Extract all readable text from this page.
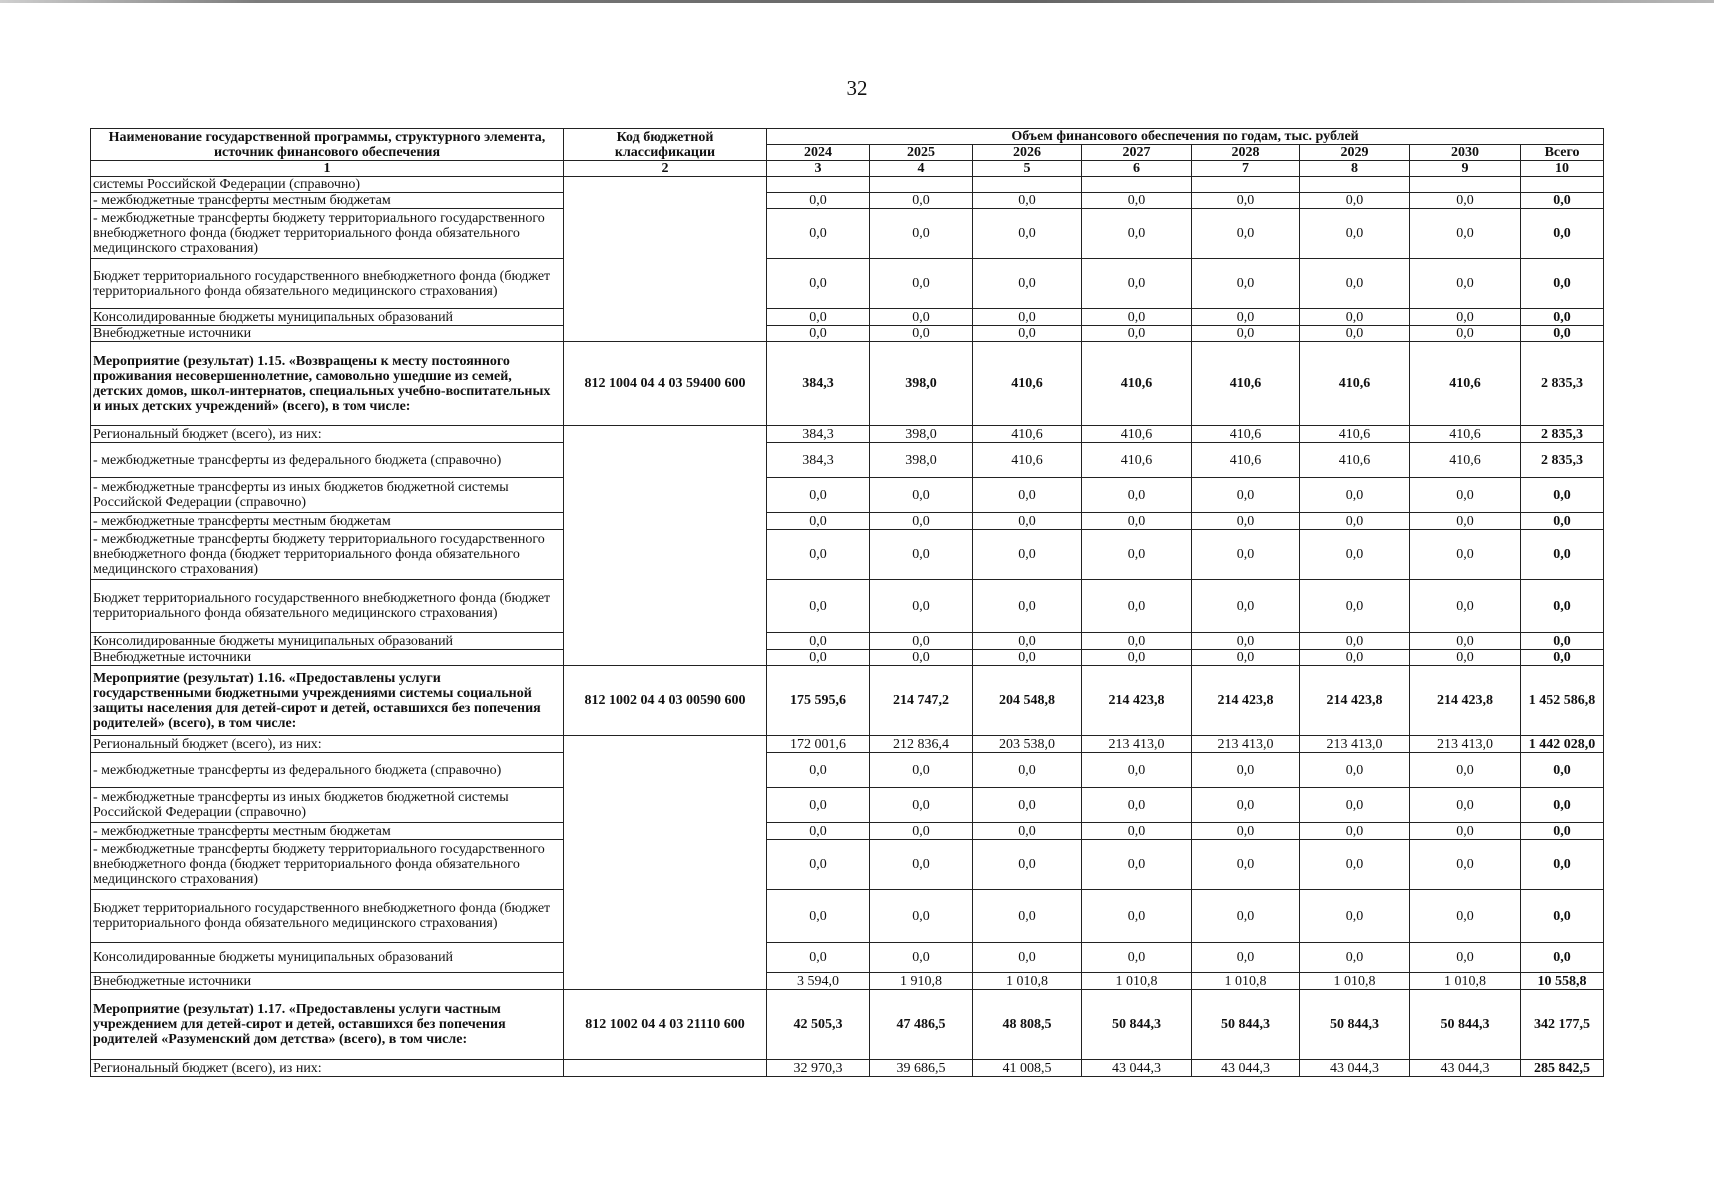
32
Наименование государственной программы, структурного элемента, источник финансового обеспечения	Код бюджетной классификации	Объем финансового обеспечения по годам, тыс. рублей							
		2024	2025	2026	2027	2028	2029	2030	Всего
1	2	3	4	5	6	7	8	9	10
системы Российской Федерации (справочно)									
- межбюджетные трансферты местным бюджетам		0,0	0,0	0,0	0,0	0,0	0,0	0,0	0,0
- межбюджетные трансферты бюджету территориального государственного внебюджетного фонда (бюджет территориального фонда обязательного медицинского страхования)		0,0	0,0	0,0	0,0	0,0	0,0	0,0	0,0
Бюджет территориального государственного внебюджетного фонда (бюджет территориального фонда обязательного медицинского страхования)		0,0	0,0	0,0	0,0	0,0	0,0	0,0	0,0
Консолидированные бюджеты муниципальных образований		0,0	0,0	0,0	0,0	0,0	0,0	0,0	0,0
Внебюджетные источники		0,0	0,0	0,0	0,0	0,0	0,0	0,0	0,0
Мероприятие (результат) 1.15. «Возвращены к месту постоянного проживания несовершеннолетние, самовольно ушедшие из семей, детских домов, школ-интернатов, специальных учебно-воспитательных и иных детских учреждений» (всего), в том числе:	812 1004 04 4 03 59400 600	384,3	398,0	410,6	410,6	410,6	410,6	410,6	2 835,3
Региональный бюджет (всего), из них:		384,3	398,0	410,6	410,6	410,6	410,6	410,6	2 835,3
- межбюджетные трансферты из федерального бюджета (справочно)		384,3	398,0	410,6	410,6	410,6	410,6	410,6	2 835,3
- межбюджетные трансферты из иных бюджетов бюджетной системы Российской Федерации (справочно)		0,0	0,0	0,0	0,0	0,0	0,0	0,0	0,0
- межбюджетные трансферты местным бюджетам		0,0	0,0	0,0	0,0	0,0	0,0	0,0	0,0
- межбюджетные трансферты бюджету территориального государственного внебюджетного фонда (бюджет территориального фонда обязательного медицинского страхования)		0,0	0,0	0,0	0,0	0,0	0,0	0,0	0,0
Бюджет территориального государственного внебюджетного фонда (бюджет территориального фонда обязательного медицинского страхования)		0,0	0,0	0,0	0,0	0,0	0,0	0,0	0,0
Консолидированные бюджеты муниципальных образований		0,0	0,0	0,0	0,0	0,0	0,0	0,0	0,0
Внебюджетные источники		0,0	0,0	0,0	0,0	0,0	0,0	0,0	0,0
Мероприятие (результат) 1.16. «Предоставлены услуги государственными бюджетными учреждениями системы социальной защиты населения для детей-сирот и детей, оставшихся без попечения родителей» (всего), в том числе:	812 1002 04 4 03 00590 600	175 595,6	214 747,2	204 548,8	214 423,8	214 423,8	214 423,8	214 423,8	1 452 586,8
Региональный бюджет (всего), из них:		172 001,6	212 836,4	203 538,0	213 413,0	213 413,0	213 413,0	213 413,0	1 442 028,0
- межбюджетные трансферты из федерального бюджета (справочно)		0,0	0,0	0,0	0,0	0,0	0,0	0,0	0,0
- межбюджетные трансферты из иных бюджетов бюджетной системы Российской Федерации (справочно)		0,0	0,0	0,0	0,0	0,0	0,0	0,0	0,0
- межбюджетные трансферты местным бюджетам		0,0	0,0	0,0	0,0	0,0	0,0	0,0	0,0
- межбюджетные трансферты бюджету территориального государственного внебюджетного фонда (бюджет территориального фонда обязательного медицинского страхования)		0,0	0,0	0,0	0,0	0,0	0,0	0,0	0,0
Бюджет территориального государственного внебюджетного фонда (бюджет территориального фонда обязательного медицинского страхования)		0,0	0,0	0,0	0,0	0,0	0,0	0,0	0,0
Консолидированные бюджеты муниципальных образований		0,0	0,0	0,0	0,0	0,0	0,0	0,0	0,0
Внебюджетные источники		3 594,0	1 910,8	1 010,8	1 010,8	1 010,8	1 010,8	1 010,8	10 558,8
Мероприятие (результат) 1.17. «Предоставлены услуги частным учреждением для детей-сирот и детей, оставшихся без попечения родителей «Разуменский дом детства» (всего), в том числе:	812 1002 04 4 03 21110 600	42 505,3	47 486,5	48 808,5	50 844,3	50 844,3	50 844,3	50 844,3	342 177,5
Региональный бюджет (всего), из них:		32 970,3	39 686,5	41 008,5	43 044,3	43 044,3	43 044,3	43 044,3	285 842,5
